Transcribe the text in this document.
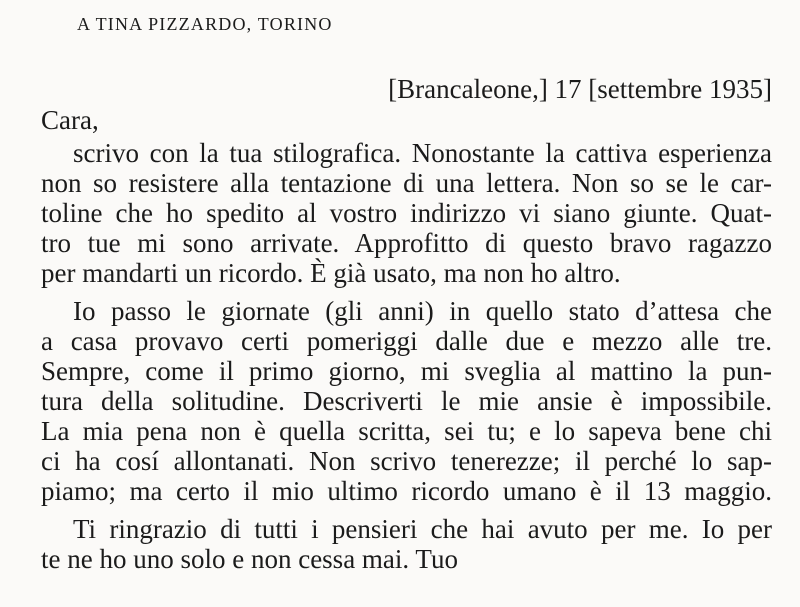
A TINA PIZZARDO, TORINO
[Brancaleone,] 17 [settembre 1935]
Cara,
scrivo con la tua stilografica. Nonostante la cattiva esperienza
non so resistere alla tentazione di una lettera. Non so se le car-
toline che ho spedito al vostro indirizzo vi siano giunte. Quat-
tro tue mi sono arrivate. Approfitto di questo bravo ragazzo
per mandarti un ricordo. È già usato, ma non ho altro.
Io passo le giornate (gli anni) in quello stato d’attesa che
a casa provavo certi pomeriggi dalle due e mezzo alle tre.
Sempre, come il primo giorno, mi sveglia al mattino la pun-
tura della solitudine. Descriverti le mie ansie è impossibile.
La mia pena non è quella scritta, sei tu; e lo sapeva bene chi
ci ha cosí allontanati. Non scrivo tenerezze; il perché lo sap-
piamo; ma certo il mio ultimo ricordo umano è il 13 maggio.
Ti ringrazio di tutti i pensieri che hai avuto per me. Io per
te ne ho uno solo e non cessa mai. Tuo
